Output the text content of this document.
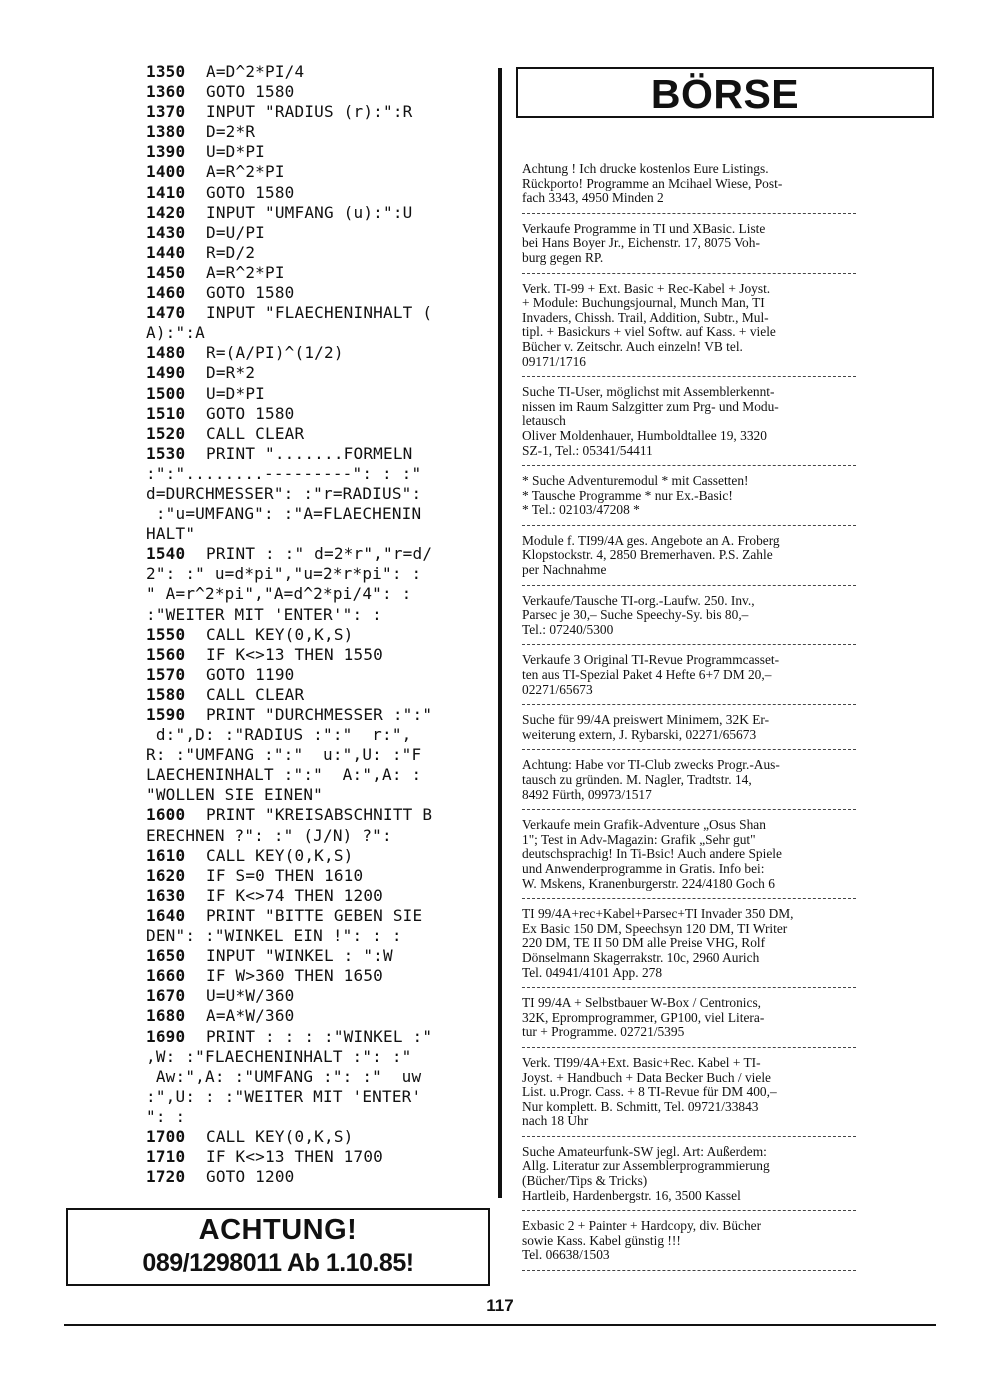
1350	A=D^2*PI/4
1360	GOTO 1580
1370	INPUT "RADIUS (r):":R
1380	D=2*R
1390	U=D*PI
1400	A=R^2*PI
1410	GOTO 1580
1420	INPUT "UMFANG (u):":U
1430	D=U/PI
1440	R=D/2
1450	A=R^2*PI
1460	GOTO 1580
1470	INPUT "FLAECHENINHALT (
A):":A
1480	R=(A/PI)^(1/2)
1490	D=R*2
1500	U=D*PI
1510	GOTO 1580
1520	CALL CLEAR
1530	PRINT ".......FORMELN
:":"........---------": : :"
d=DURCHMESSER": :"r=RADIUS":
:"u=UMFANG": :"A=FLAECHENIN
HALT"
1540	PRINT : :" d=2*r","r=d/
2": :" u=d*pi","u=2*r*pi": :
" A=r^2*pi","A=d^2*pi/4": :
:"WEITER MIT 'ENTER'": :
1550	CALL KEY(0,K,S)
1560	IF K<>13 THEN 1550
1570	GOTO 1190
1580	CALL CLEAR
1590	PRINT "DURCHMESSER :":"
d:",D: :"RADIUS :":"  r:",
R: :"UMFANG :":"  u:",U: :"F
LAECHENINHALT :":"  A:",A: :
"WOLLEN SIE EINEN"
1600	PRINT "KREISABSCHNITT B
ERECHNEN ?": :" (J/N) ?":
1610	CALL KEY(0,K,S)
1620	IF S=0 THEN 1610
1630	IF K<>74 THEN 1200
1640	PRINT "BITTE GEBEN SIE
DEN": :"WINKEL EIN !": : :
1650	INPUT "WINKEL : ":W
1660	IF W>360 THEN 1650
1670	U=U*W/360
1680	A=A*W/360
1690	PRINT : : : :"WINKEL :"
,W: :"FLAECHENINHALT :": :"
Aw:",A: :"UMFANG :": :"  uw
:",U: : :"WEITER MIT 'ENTER'
": :
1700	CALL KEY(0,K,S)
1710	IF K<>13 THEN 1700
1720	GOTO 1200
ACHTUNG!
089/1298011 Ab 1.10.85!
BÖRSE
Achtung ! Ich drucke kostenlos Eure Listings.
Rückporto! Programme an Mcihael Wiese, Post-
fach 3343, 4950 Minden 2
Verkaufe Programme in TI und XBasic. Liste
bei Hans Boyer Jr., Eichenstr. 17, 8075 Voh-
burg gegen RP.
Verk. TI-99 + Ext. Basic + Rec-Kabel + Joyst.
+ Module: Buchungsjournal, Munch Man, TI
Invaders, Chissh. Trail, Addition, Subtr., Mul-
tipl. + Basickurs + viel Softw. auf Kass. + viele
Bücher v. Zeitschr. Auch einzeln! VB tel.
09171/1716
Suche TI-User, möglichst mit Assemblerkennt-
nissen im Raum Salzgitter zum Prg- und Modu-
letausch
Oliver Moldenhauer, Humboldtallee 19, 3320
SZ-1, Tel.: 05341/54411
* Suche Adventuremodul * mit Cassetten!
* Tausche Programme * nur Ex.-Basic!
* Tel.: 02103/47208 *
Module f. TI99/4A ges. Angebote an A. Froberg
Klopstockstr. 4, 2850 Bremerhaven. P.S. Zahle
per Nachnahme
Verkaufe/Tausche TI-org.-Laufw. 250. Inv.,
Parsec je 30,– Suche Speechy-Sy. bis 80,–
Tel.: 07240/5300
Verkaufe 3 Original TI-Revue Programmcasset-
ten aus TI-Spezial Paket 4 Hefte 6+7 DM 20,–
02271/65673
Suche für 99/4A preiswert Minimem, 32K Er-
weiterung extern, J. Rybarski, 02271/65673
Achtung: Habe vor TI-Club zwecks Progr.-Aus-
tausch zu gründen. M. Nagler, Tradtstr. 14,
8492 Fürth, 09973/1517
Verkaufe mein Grafik-Adventure „Osus Shan
1"; Test in Adv-Magazin: Grafik „Sehr gut"
deutschsprachig! In Ti-Bsic! Auch andere Spiele
und Anwenderprogramme in Gratis. Info bei:
W. Mskens, Kranenburgerstr. 224/4180 Goch 6
TI 99/4A+rec+Kabel+Parsec+TI Invader 350 DM,
Ex Basic 150 DM, Speechsyn 120 DM, TI Writer
220 DM, TE II 50 DM alle Preise VHG, Rolf
Dönselmann Skagerrakstr. 10c, 2960 Aurich
Tel. 04941/4101 App. 278
TI 99/4A + Selbstbauer W-Box / Centronics,
32K, Epromprogrammer, GP100, viel Litera-
tur + Programme. 02721/5395
Verk. TI99/4A+Ext. Basic+Rec. Kabel + TI-
Joyst. + Handbuch + Data Becker Buch / viele
List. u.Progr. Cass. + 8 TI-Revue für DM 400,–
Nur komplett. B. Schmitt, Tel. 09721/33843
nach 18 Uhr
Suche Amateurfunk-SW jegl. Art: Außerdem:
Allg. Literatur zur Assemblerprogrammierung
(Bücher/Tips & Tricks)
Hartleib, Hardenbergstr. 16, 3500 Kassel
Exbasic 2 + Painter + Hardcopy, div. Bücher
sowie Kass. Kabel günstig !!!
Tel. 06638/1503
117
